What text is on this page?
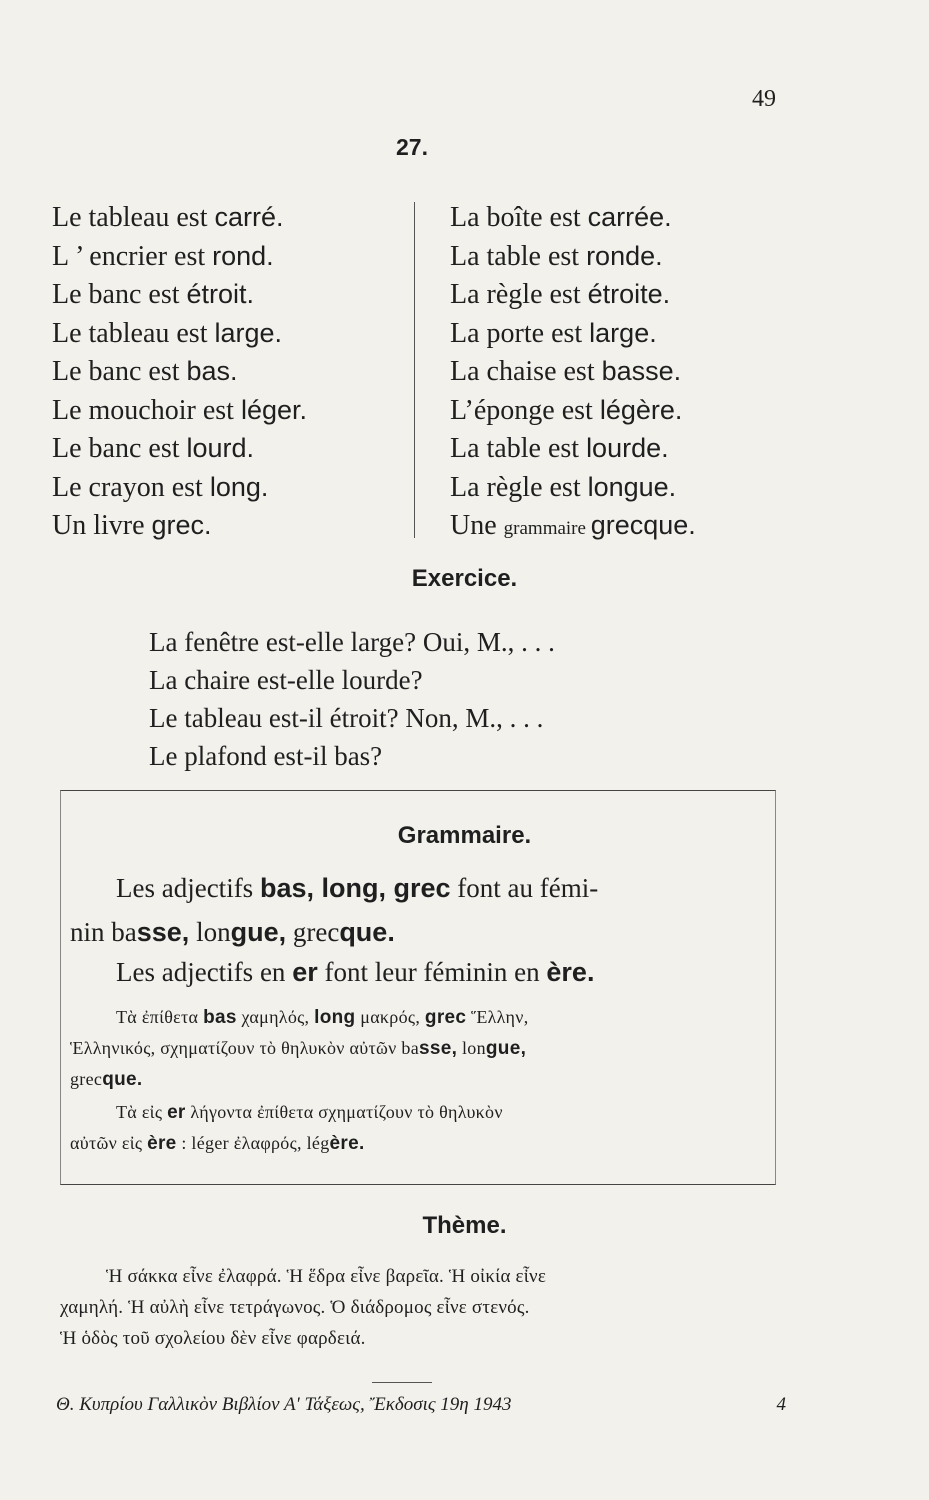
49
27.
Le tableau est carré.
L ’ encrier est rond.
Le banc est étroit.
Le tableau est large.
Le banc est bas.
Le mouchoir est léger.
Le banc est lourd.
Le crayon est long.
Un livre grec.
La boîte est carrée.
La table est ronde.
La règle est étroite.
La porte est large.
La chaise est basse.
L’éponge est légère.
La table est lourde.
La règle est longue.
Une grammaire grecque.
Exercice.
La fenêtre est-elle large? Oui, M., . . .
La chaire est-elle lourde?
Le tableau est-il étroit? Non, M., . . .
Le plafond est-il bas?
Grammaire.
Les adjectifs bas, long, grec font au fémi-
nin basse, longue, grecque.
Les adjectifs en er font leur féminin en ère.
Τὰ ἐπίθετα bas χαμηλός, long μακρός, grec Ἕλλην,
Ἑλληνικός, σχηματίζουν τὸ θηλυκὸν αὐτῶν basse, longue,
grecque.
Τὰ εἰς er λήγοντα ἐπίθετα σχηματίζουν τὸ θηλυκὸν
αὐτῶν εἰς ère : léger ἐλαφρός, légère.
Thème.
Ἡ σάκκα εἶνε ἐλαφρά. Ἡ ἕδρα εἶνε βαρεῖα. Ἡ οἰκία εἶνε
χαμηλή. Ἡ αὐλὴ εἶνε τετράγωνος. Ὁ διάδρομος εἶνε στενός.
Ἡ ὁδὸς τοῦ σχολείου δὲν εἶνε φαρδειά.
Θ. Κυπρίου Γαλλικὸν Βιβλίον Α' Τάξεως, Ἔκδοσις 19η 1943	4
